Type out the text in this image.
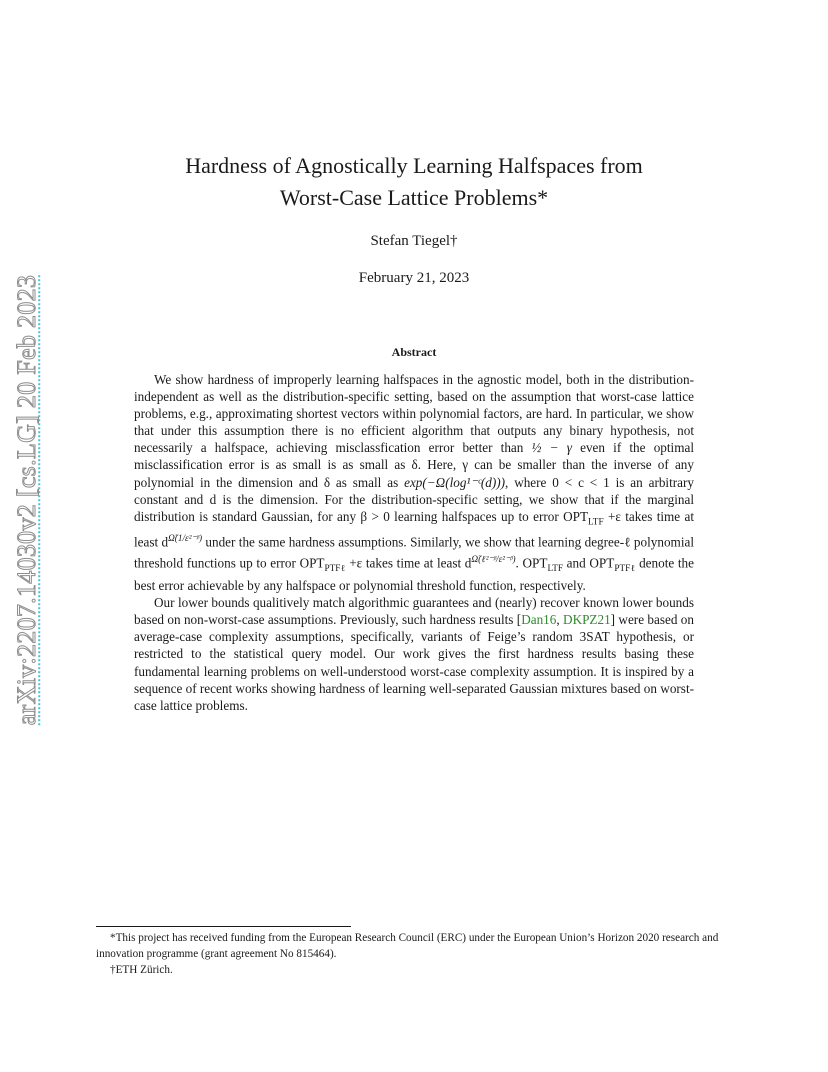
arXiv:2207.14030v2 [cs.LG] 20 Feb 2023
Hardness of Agnostically Learning Halfspaces from
Worst-Case Lattice Problems*
Stefan Tiegel†
February 21, 2023
Abstract

We show hardness of improperly learning halfspaces in the agnostic model, both in the distribution-independent as well as the distribution-specific setting, based on the assumption that worst-case lattice problems, e.g., approximating shortest vectors within polynomial factors, are hard. In particular, we show that under this assumption there is no efficient algorithm that outputs any binary hypothesis, not necessarily a halfspace, achieving misclassfication error better than ½ − γ even if the optimal misclassification error is as small is as small as δ. Here, γ can be smaller than the inverse of any polynomial in the dimension and δ as small as exp(−Ω(log¹⁻ᶜ(d))), where 0 < c < 1 is an arbitrary constant and d is the dimension. For the distribution-specific setting, we show that if the marginal distribution is standard Gaussian, for any β > 0 learning halfspaces up to error $OPT_{LTF} +\varepsilon$ takes time at least $d^{\Omegã(1/\varepsilon^{2-}ᵝ)}$ under the same hardness assumptions. Similarly, we show that learning degree-ℓ polynomial threshold functions up to error $OPT_{PTF\ell} +\varepsilon$ takes time at least $d^{\Omegã(\ell^{2-}ᵝ/\varepsilon^{2-}ᵝ)}$. $OPT_{LTF}$ and $OPT_{PTF\ell}$ denote the best error achievable by any halfspace or polynomial threshold function, respectively.

Our lower bounds qualitively match algorithmic guarantees and (nearly) recover known lower bounds based on non-worst-case assumptions. Previously, such hardness results [Dan16, DKPZ21] were based on average-case complexity assumptions, specifically, variants of Feige’s random 3SAT hypothesis, or restricted to the statistical query model. Our work gives the first hardness results basing these fundamental learning problems on well-understood worst-case complexity assumption. It is inspired by a sequence of recent works showing hardness of learning well-separated Gaussian mixtures based on worst-case lattice problems.

*This project has received funding from the European Research Council (ERC) under the European Union’s Horizon 2020 research and innovation programme (grant agreement No 815464).

†ETH Zürich.
